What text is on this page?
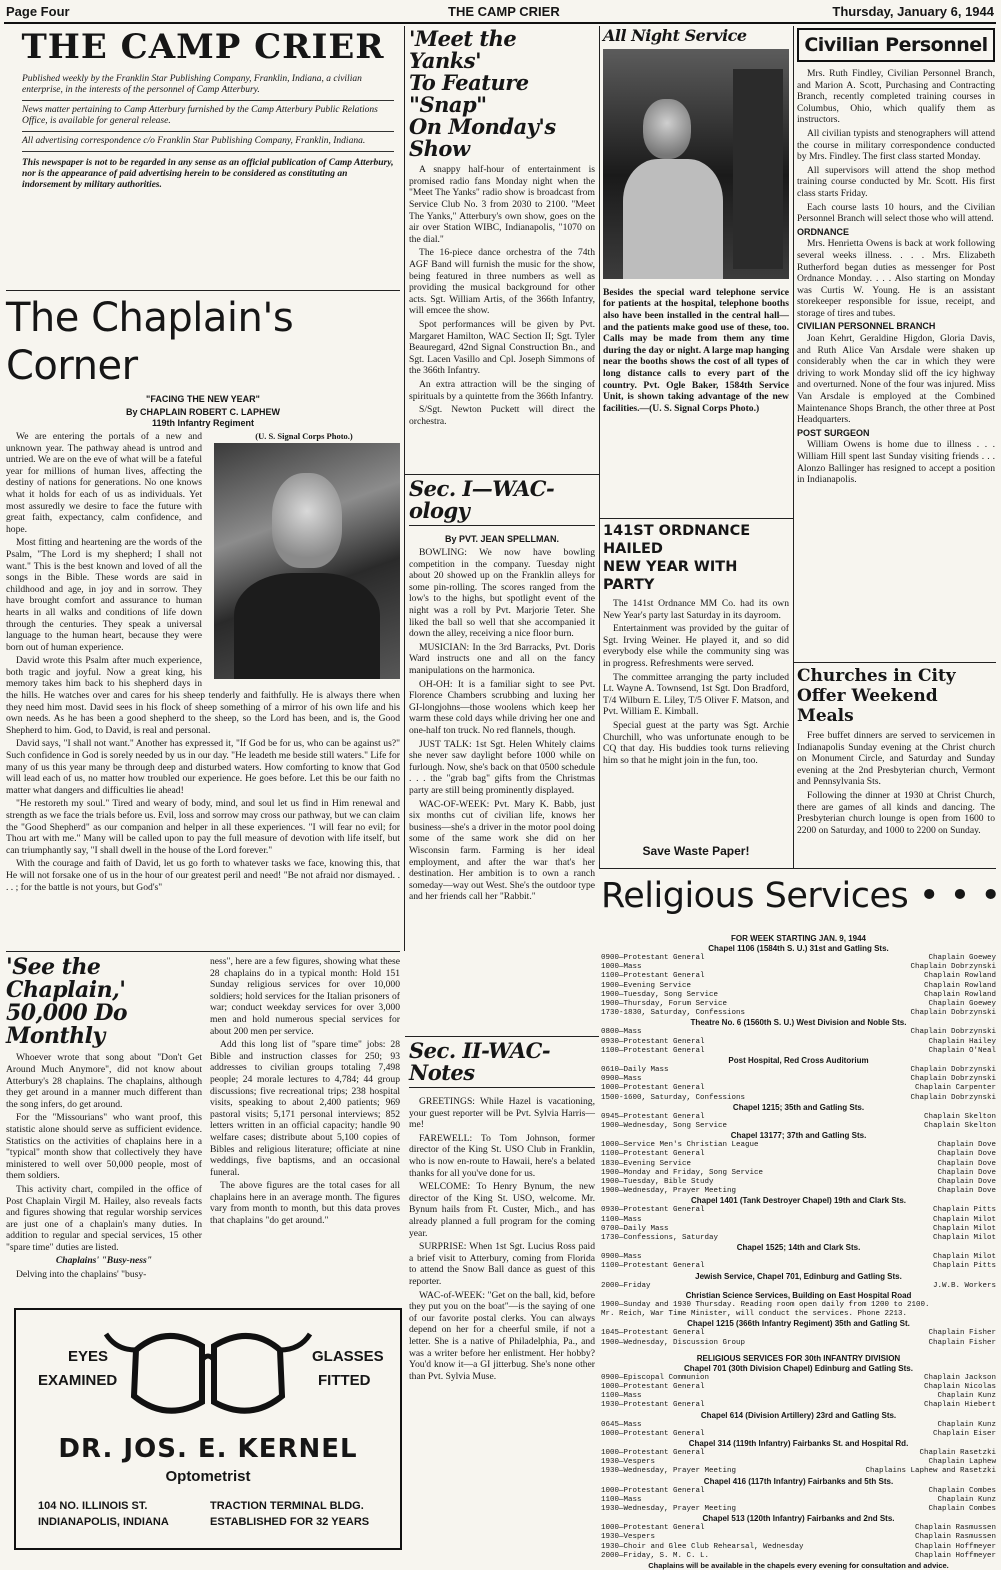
Page Four	THE CAMP CRIER	Thursday, January 6, 1944
THE CAMP CRIER
Published weekly by the Franklin Star Publishing Company, Franklin, Indiana, a civilian enterprise, in the interests of the personnel of Camp Atterbury.
News matter pertaining to Camp Atterbury furnished by the Camp Atterbury Public Relations Office, is available for general release.
All advertising correspondence c/o Franklin Star Publishing Company, Franklin, Indiana.
This newspaper is not to be regarded in any sense as an official publication of Camp Atterbury, nor is the appearance of paid advertising herein to be considered as constituting an indorsement by military authorities.
The Chaplain's Corner
"FACING THE NEW YEAR"
By CHAPLAIN ROBERT C. LAPHEW
119th Infantry Regiment
(U. S. Signal Corps Photo.)

We are entering the portals of a new and unknown year. The pathway ahead is untrod and untried. We are on the eve of what will be a fateful year for millions of human lives, affecting the destiny of nations for generations. No one knows what it holds for each of us as individuals. Yet most assuredly we desire to face the future with great faith, expectancy, calm confidence, and hope.

Most fitting and heartening are the words of the Psalm, "The Lord is my shepherd; I shall not want." This is the best known and loved of all the songs in the Bible. These words are said in childhood and age, in joy and in sorrow. They have brought comfort and assurance to human hearts in all walks and conditions of life down through the centuries. They speak a universal language to the human heart, because they were born out of human experience.

David wrote this Psalm after much experience, both tragic and joyful. Now a great king, his memory takes him back to his shepherd days in the hills. He watches over and cares for his sheep tenderly and faithfully. He is always there when they need him most. David sees in his flock of sheep something of a mirror of his own life and his own needs. As he has been a good shepherd to the sheep, so the Lord has been, and is, the Good Shepherd to him. God, to David, is real and personal.

David says, "I shall not want." Another has expressed it, "If God be for us, who can be against us?" Such confidence in God is sorely needed by us in our day. "He leadeth me beside still waters." Life for many of us this year many be through deep and disturbed waters. How comforting to know that God will lead each of us, no matter how troubled our experience. He goes before. Let this be our faith no matter what dangers and difficulties lie ahead!

"He restoreth my soul." Tired and weary of body, mind, and soul let us find in Him renewal and strength as we face the trials before us. Evil, loss and sorrow may cross our pathway, but we can claim the "Good Shepherd" as our companion and helper in all these experiences. "I will fear no evil; for Thou art with me." Many will be called upon to pay the full measure of devotion with life itself, but can triumphantly say, "I shall dwell in the house of the Lord forever."

With the courage and faith of David, let us go forth to whatever tasks we face, knowing this, that He will not forsake one of us in the hour of our greatest peril and need! "Be not afraid nor dismayed. . . . ; for the battle is not yours, but God's"

'See the Chaplain,'
50,000 Do Monthly

Whoever wrote that song about "Don't Get Around Much Anymore", did not know about Atterbury's 28 chaplains. The chaplains, although they get around in a manner much different than the song infers, do get around.

For the "Missourians" who want proof, this statistic alone should serve as sufficient evidence. Statistics on the activities of chaplains here in a "typical" month show that collectively they have ministered to well over 50,000 people, most of them soldiers.

This activity chart, compiled in the office of Post Chaplain Virgil M. Hailey, also reveals facts and figures showing that regular worship services are just one of a chaplain's many duties. In addition to regular and special services, 15 other "spare time" duties are listed.

Chaplains' "Busy-ness"

Delving into the chaplains' "busy-

ness", here are a few figures, showing what these 28 chaplains do in a typical month: Hold 151 Sunday religious services for over 10,000 soldiers; hold services for the Italian prisoners of war; conduct weekday services for over 3,000 men and hold numerous special services for about 200 men per service.

Add this long list of "spare time" jobs: 28 Bible and instruction classes for 250; 93 addresses to civilian groups totaling 7,498 people; 24 morale lectures to 4,784; 44 group discussions; five recreational trips; 238 hospital visits, speaking to about 2,400 patients; 969 pastoral visits; 5,171 personal interviews; 852 letters written in an official capacity; handle 90 welfare cases; distribute about 5,100 copies of Bibles and religious literature; officiate at nine weddings, five baptisms, and an occasional funeral.

The above figures are the total cases for all chaplains here in an average month. The figures vary from month to month, but this data proves that chaplains "do get around."

EYES
EXAMINED
GLASSES
FITTED
DR. JOS. E. KERNEL
Optometrist
104 NO. ILLINOIS ST.
INDIANAPOLIS, INDIANA
TRACTION TERMINAL BLDG.
ESTABLISHED FOR 32 YEARS
'Meet the Yanks'
To Feature "Snap"
On Monday's Show

A snappy half-hour of entertainment is promised radio fans Monday night when the "Meet The Yanks" radio show is broadcast from Service Club No. 3 from 2030 to 2100. "Meet The Yanks," Atterbury's own show, goes on the air over Station WIBC, Indianapolis, "1070 on the dial."

The 16-piece dance orchestra of the 74th AGF Band will furnish the music for the show, being featured in three numbers as well as providing the musical background for other acts. Sgt. William Artis, of the 366th Infantry, will emcee the show.

Spot performances will be given by Pvt. Margaret Hamilton, WAC Section II; Sgt. Tyler Beauregard, 42nd Signal Construction Bn., and Sgt. Lacen Vasillo and Cpl. Joseph Simmons of the 366th Infantry.

An extra attraction will be the singing of spirituals by a quintette from the 366th Infantry.

S/Sgt. Newton Puckett will direct the orchestra.

Sec. I—WAC-ology
By PVT. JEAN SPELLMAN.

BOWLING: We now have bowling competition in the company. Tuesday night about 20 showed up on the Franklin alleys for some pin-rolling. The scores ranged from the low's to the highs, but spotlight event of the night was a roll by Pvt. Marjorie Teter. She liked the ball so well that she accompanied it down the alley, receiving a nice floor burn.

MUSICIAN: In the 3rd Barracks, Pvt. Doris Ward instructs one and all on the fancy manipulations on the harmonica.

OH-OH: It is a familiar sight to see Pvt. Florence Chambers scrubbing and luxing her GI-longjohns—those woolens which keep her warm these cold days while driving her one and one-half ton truck. No red flannels, though.

JUST TALK: 1st Sgt. Helen Whitely claims she never saw daylight before 1000 while on furlough. Now, she's back on that 0500 schedule . . . the "grab bag" gifts from the Christmas party are still being prominently displayed.

WAC-OF-WEEK: Pvt. Mary K. Babb, just six months cut of civilian life, knows her business—she's a driver in the motor pool doing some of the same work she did on her Wisconsin farm. Farming is her ideal employment, and after the war that's her destination. Her ambition is to own a ranch someday—way out West. She's the outdoor type and her friends call her "Rabbit."

Sec. II-WAC-Notes

GREETINGS: While Hazel is vacationing, your guest reporter will be Pvt. Sylvia Harris—me!

FAREWELL: To Tom Johnson, former director of the King St. USO Club in Franklin, who is now en-route to Hawaii, here's a belated thanks for all you've done for us.

WELCOME: To Henry Bynum, the new director of the King St. USO, welcome. Mr. Bynum hails from Ft. Custer, Mich., and has already planned a full program for the coming year.

SURPRISE: When 1st Sgt. Lucius Ross paid a brief visit to Atterbury, coming from Florida to attend the Snow Ball dance as guest of this reporter.

WAC-of-WEEK: "Get on the ball, kid, before they put you on the boat"—is the saying of one of our favorite postal clerks. You can always depend on her for a cheerful smile, if not a letter. She is a native of Philadelphia, Pa., and was a writer before her enlistment. Her hobby? You'd know it—a GI jitterbug. She's none other than Pvt. Sylvia Muse.

All Night Service
Besides the special ward telephone service for patients at the hospital, telephone booths also have been installed in the central hall—and the patients make good use of these, too. Calls may be made from them any time during the day or night. A large map hanging near the booths shows the cost of all types of long distance calls to every part of the country. Pvt. Ogle Baker, 1584th Service Unit, is shown taking advantage of the new facilities.—(U. S. Signal Corps Photo.)
141ST ORDNANCE HAILED
NEW YEAR WITH PARTY

The 141st Ordnance MM Co. had its own New Year's party last Saturday in its dayroom.

Entertainment was provided by the guitar of Sgt. Irving Weiner. He played it, and so did everybody else while the community sing was in progress. Refreshments were served.

The committee arranging the party included Lt. Wayne A. Townsend, 1st Sgt. Don Bradford, T/4 Wilburn E. Liley, T/5 Oliver F. Matson, and Pvt. William E. Kimball.

Special guest at the party was Sgt. Archie Churchill, who was unfortunate enough to be CQ that day. His buddies took turns relieving him so that he might join in the fun, too.

Save Waste Paper!
Civilian Personnel

Mrs. Ruth Findley, Civilian Personnel Branch, and Marion A. Scott, Purchasing and Contracting Branch, recently completed training courses in Columbus, Ohio, which qualify them as instructors.

All civilian typists and stenographers will attend the course in military correspondence conducted by Mrs. Findley. The first class started Monday.

All supervisors will attend the shop method training course conducted by Mr. Scott. His first class starts Friday.

Each course lasts 10 hours, and the Civilian Personnel Branch will select those who will attend.

ORDNANCE

Mrs. Henrietta Owens is back at work following several weeks illness. . . . Mrs. Elizabeth Rutherford began duties as messenger for Post Ordnance Monday. . . . Also starting on Monday was Curtis W. Young. He is an assistant storekeeper responsible for issue, receipt, and storage of tires and tubes.

CIVILIAN PERSONNEL BRANCH

Joan Kehrt, Geraldine Higdon, Gloria Davis, and Ruth Alice Van Arsdale were shaken up considerably when the car in which they were driving to work Monday slid off the icy highway and overturned. None of the four was injured. Miss Van Arsdale is employed at the Combined Maintenance Shops Branch, the other three at Post Headquarters.

POST SURGEON

William Owens is home due to illness . . . William Hill spent last Sunday visiting friends . . . Alonzo Ballinger has resigned to accept a position in Indianapolis.

Churches in City
Offer Weekend Meals

Free buffet dinners are served to servicemen in Indianapolis Sunday evening at the Christ church on Monument Circle, and Saturday and Sunday evening at the 2nd Presbyterian church, Vermont and Pennsylvania Sts.

Following the dinner at 1930 at Christ Church, there are games of all kinds and dancing. The Presbyterian church lounge is open from 1600 to 2200 on Saturday, and 1000 to 2200 on Sunday.

Religious Services • • •
FOR WEEK STARTING JAN. 9, 1944
Chapel 1106 (1584th S. U.) 31st and Gatling Sts.
0900—Protestant General	Chaplain Goewey
1000—Mass	Chaplain Dobrzynski
1100—Protestant General	Chaplain Rowland
1900—Evening Service	Chaplain Rowland
1900—Tuesday, Song Service	Chaplain Rowland
1900—Thursday, Forum Service	Chaplain Goewey
1730-1830, Saturday, Confessions	Chaplain Dobrzynski
Theatre No. 6 (1560th S. U.) West Division and Noble Sts.
0800—Mass	Chaplain Dobrzynski
0930—Protestant General	Chaplain Hailey
1100—Protestant General	Chaplain O'Neal
Post Hospital, Red Cross Auditorium
0610—Daily Mass	Chaplain Dobrzynski
0900—Mass	Chaplain Dobrzynski
1000—Protestant General	Chaplain Carpenter
1500-1600, Saturday, Confessions	Chaplain Dobrzynski
Chapel 1215; 35th and Gatling Sts.
0945—Protestant General	Chaplain Skelton
1900—Wednesday, Song Service	Chaplain Skelton
Chapel 13177; 37th and Gatling Sts.
1000—Service Men's Christian League	Chaplain Dove
1100—Protestant General	Chaplain Dove
1830—Evening Service	Chaplain Dove
1900—Monday and Friday, Song Service	Chaplain Dove
1900—Tuesday, Bible Study	Chaplain Dove
1900—Wednesday, Prayer Meeting	Chaplain Dove
Chapel 1401 (Tank Destroyer Chapel) 19th and Clark Sts.
0930—Protestant General	Chaplain Pitts
1100—Mass	Chaplain Milot
0700—Daily Mass	Chaplain Milot
1730—Confessions, Saturday	Chaplain Milot
Chapel 1525; 14th and Clark Sts.
0900—Mass	Chaplain Milot
1100—Protestant General	Chaplain Pitts
Jewish Service, Chapel 701, Edinburg and Gatling Sts.
2000—Friday	J.W.B. Workers
Christian Science Services, Building on East Hospital Road
1900—Sunday and 1930 Thursday. Reading room open daily from 1200 to 2100.
Mr. Reich, War Time Minister, will conduct the services. Phone 2213.
Chapel 1215 (366th Infantry Regiment) 35th and Gatling St.
1045—Protestant General	Chaplain Fisher
1900—Wednesday, Discussion Group	Chaplain Fisher
RELIGIOUS SERVICES FOR 30th INFANTRY DIVISION
Chapel 701 (30th Division Chapel) Edinburg and Gatling Sts.
0900—Episcopal Communion	Chaplain Jackson
1000—Protestant General	Chaplain Nicolas
1100—Mass	Chaplain Kunz
1930—Protestant General	Chaplain Hiebert
Chapel 614 (Division Artillery) 23rd and Gatling Sts.
0645—Mass	Chaplain Kunz
1000—Protestant General	Chaplain Eiser
Chapel 314 (119th Infantry) Fairbanks St. and Hospital Rd.
1000—Protestant General	Chaplain Rasetzki
1930—Vespers	Chaplain Laphew
1930—Wednesday, Prayer Meeting	Chaplains Laphew and Rasetzki
Chapel 416 (117th Infantry) Fairbanks and 5th Sts.
1000—Protestant General	Chaplain Combes
1100—Mass	Chaplain Kunz
1930—Wednesday, Prayer Meeting	Chaplain Combes
Chapel 513 (120th Infantry) Fairbanks and 2nd Sts.
1000—Protestant General	Chaplain Rasmussen
1930—Vespers	Chaplain Rasmussen
1930—Choir and Glee Club Rehearsal, Wednesday	Chaplain Hoffmeyer
2000—Friday, S. M. C. L.	Chaplain Hoffmeyer
Chaplains will be available in the chapels every evening for consultation and advice.
